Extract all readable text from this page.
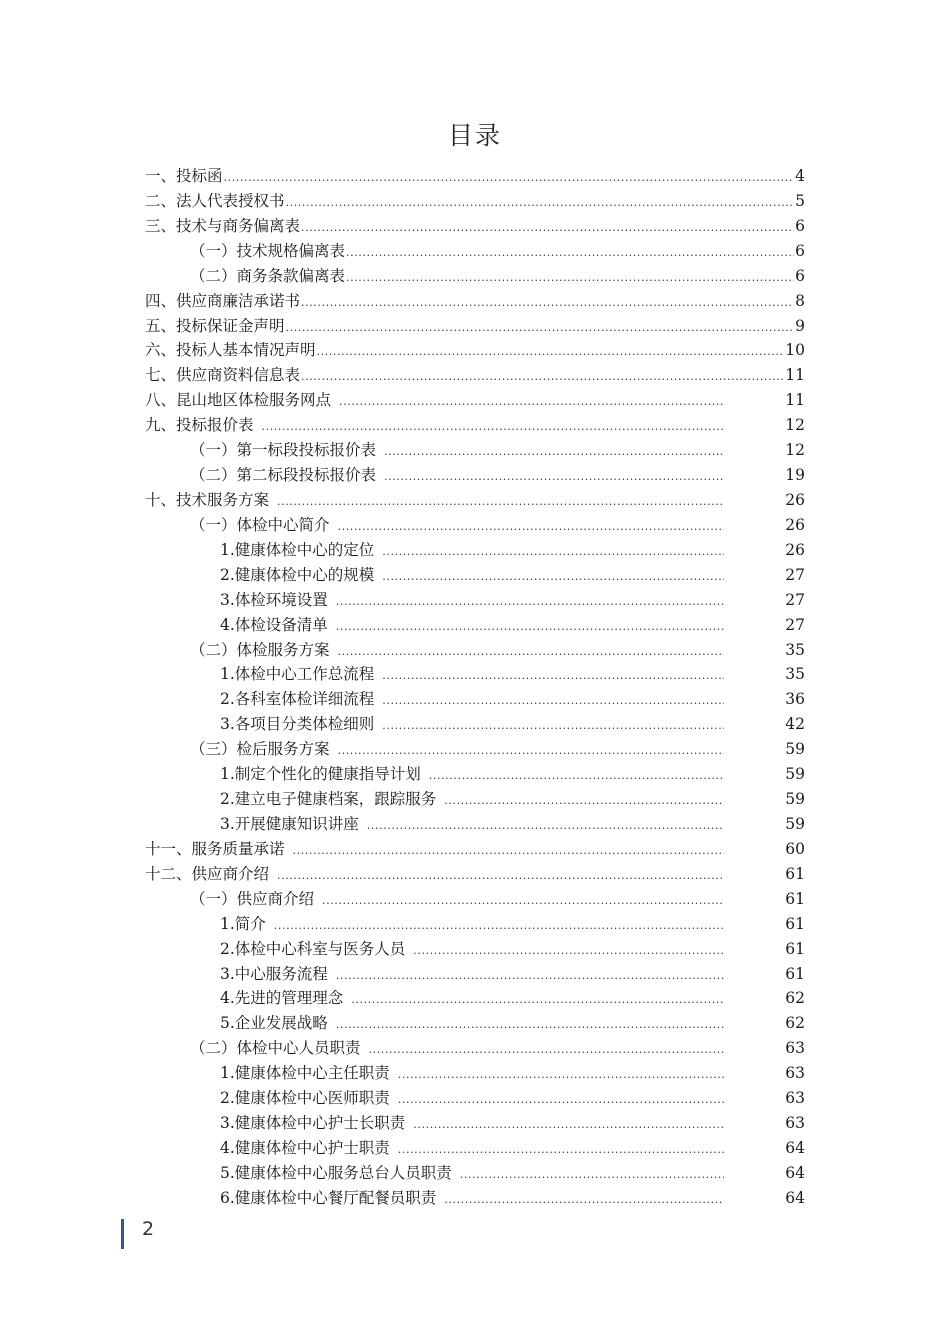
目录
一、投标函 .....	4
二、法人代表授权书 .....	5
三、技术与商务偏离表 .....	6
（一）技术规格偏离表 .....	6
（二）商务条款偏离表 .....	6
四、供应商廉洁承诺书 .....	8
五、投标保证金声明 .....	9
六、投标人基本情况声明 .....	10
七、供应商资料信息表 .....	11
八、昆山地区体检服务网点 .....	11
九、投标报价表 .....	12
（一）第一标段投标报价表 .....	12
（二）第二标段投标报价表 .....	19
十、技术服务方案 .....	26
（一）体检中心简介 .....	26
1.健康体检中心的定位 .....	26
2.健康体检中心的规模 .....	27
3.体检环境设置 .....	27
4.体检设备清单 .....	27
（二）体检服务方案 .....	35
1.体检中心工作总流程 .....	35
2.各科室体检详细流程 .....	36
3.各项目分类体检细则 .....	42
（三）检后服务方案 .....	59
1.制定个性化的健康指导计划 .....	59
2.建立电子健康档案，跟踪服务 .....	59
3.开展健康知识讲座 .....	59
十一、服务质量承诺 .....	60
十二、供应商介绍 .....	61
（一）供应商介绍 .....	61
1.简介 .....	61
2.体检中心科室与医务人员 .....	61
3.中心服务流程 .....	61
4.先进的管理理念 .....	62
5.企业发展战略 .....	62
（二）体检中心人员职责 .....	63
1.健康体检中心主任职责 .....	63
2.健康体检中心医师职责 .....	63
3.健康体检中心护士长职责 .....	63
4.健康体检中心护士职责 .....	64
5.健康体检中心服务总台人员职责 .....	64
6.健康体检中心餐厅配餐员职责 .....	64
2
